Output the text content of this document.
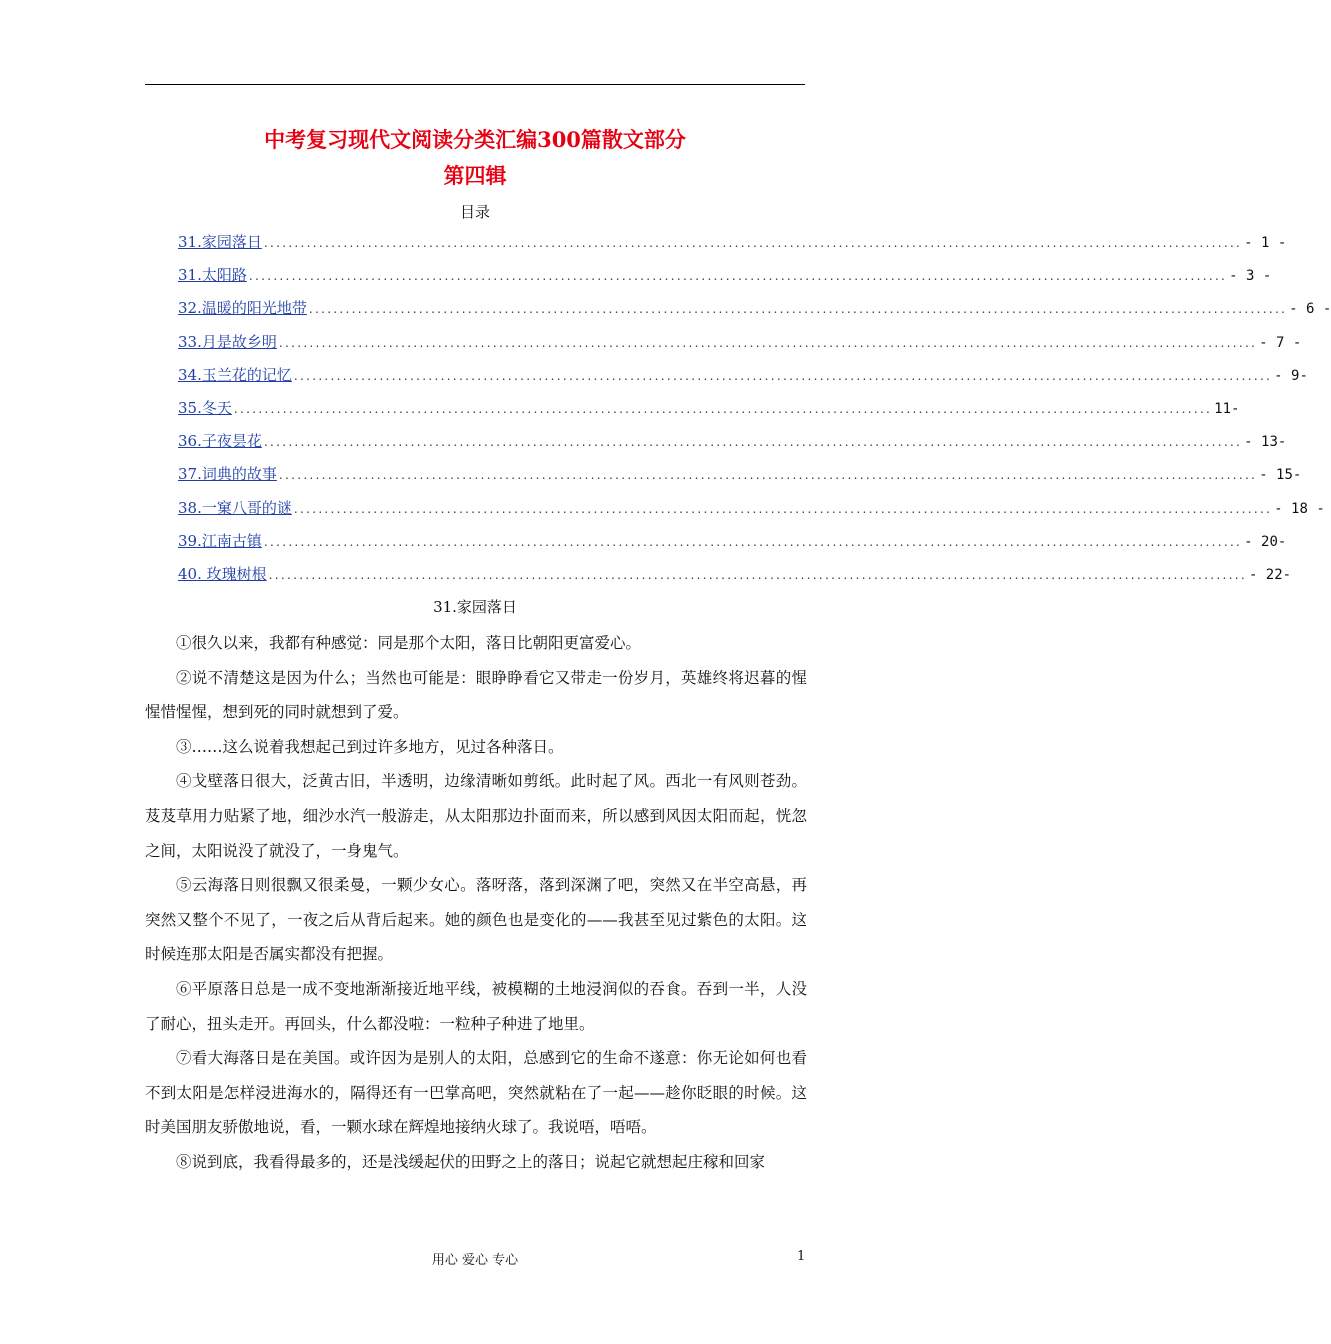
中考复习现代文阅读分类汇编300篇散文部分
第四辑
目录
31.家园落日 ................................................................................................................................................................ - 1 -
31.太阳路 ................................................................................................................................................................ - 3 -
32.温暖的阳光地带 ................................................................................................................................................................ - 6 -
33.月是故乡明 ................................................................................................................................................................ - 7 -
34.玉兰花的记忆 ................................................................................................................................................................ - 9-
35.冬天 ................................................................................................................................................................ 11-
36.子夜昙花 ................................................................................................................................................................ - 13-
37.词典的故事 ................................................................................................................................................................ - 15-
38.一窠八哥的谜 ................................................................................................................................................................ - 18 -
39.江南古镇 ................................................................................................................................................................ - 20-
40. 玫瑰树根 ................................................................................................................................................................ - 22-
31.家园落日

①很久以来，我都有种感觉：同是那个太阳，落日比朝阳更富爱心。

②说不清楚这是因为什么；当然也可能是：眼睁睁看它又带走一份岁月，英雄终将迟暮的惺惺惜惺惺，想到死的同时就想到了爱。

③……这么说着我想起己到过许多地方，见过各种落日。

④戈壁落日很大，泛黄古旧，半透明，边缘清晰如剪纸。此时起了风。西北一有风则苍劲。芨芨草用力贴紧了地，细沙水汽一般游走，从太阳那边扑面而来，所以感到风因太阳而起，恍忽之间，太阳说没了就没了，一身鬼气。

⑤云海落日则很飘又很柔曼，一颗少女心。落呀落，落到深渊了吧，突然又在半空高悬，再突然又整个不见了，一夜之后从背后起来。她的颜色也是变化的——我甚至见过紫色的太阳。这时候连那太阳是否属实都没有把握。

⑥平原落日总是一成不变地渐渐接近地平线，被模糊的土地浸润似的吞食。吞到一半，人没了耐心，扭头走开。再回头，什么都没啦：一粒种子种进了地里。

⑦看大海落日是在美国。或许因为是别人的太阳，总感到它的生命不遂意：你无论如何也看不到太阳是怎样浸进海水的，隔得还有一巴掌高吧，突然就粘在了一起——趁你眨眼的时候。这时美国朋友骄傲地说，看，一颗水球在辉煌地接纳火球了。我说唔，唔唔。

⑧说到底，我看得最多的，还是浅缓起伏的田野之上的落日；说起它就想起庄稼和回家

用心 爱心 专心	1
